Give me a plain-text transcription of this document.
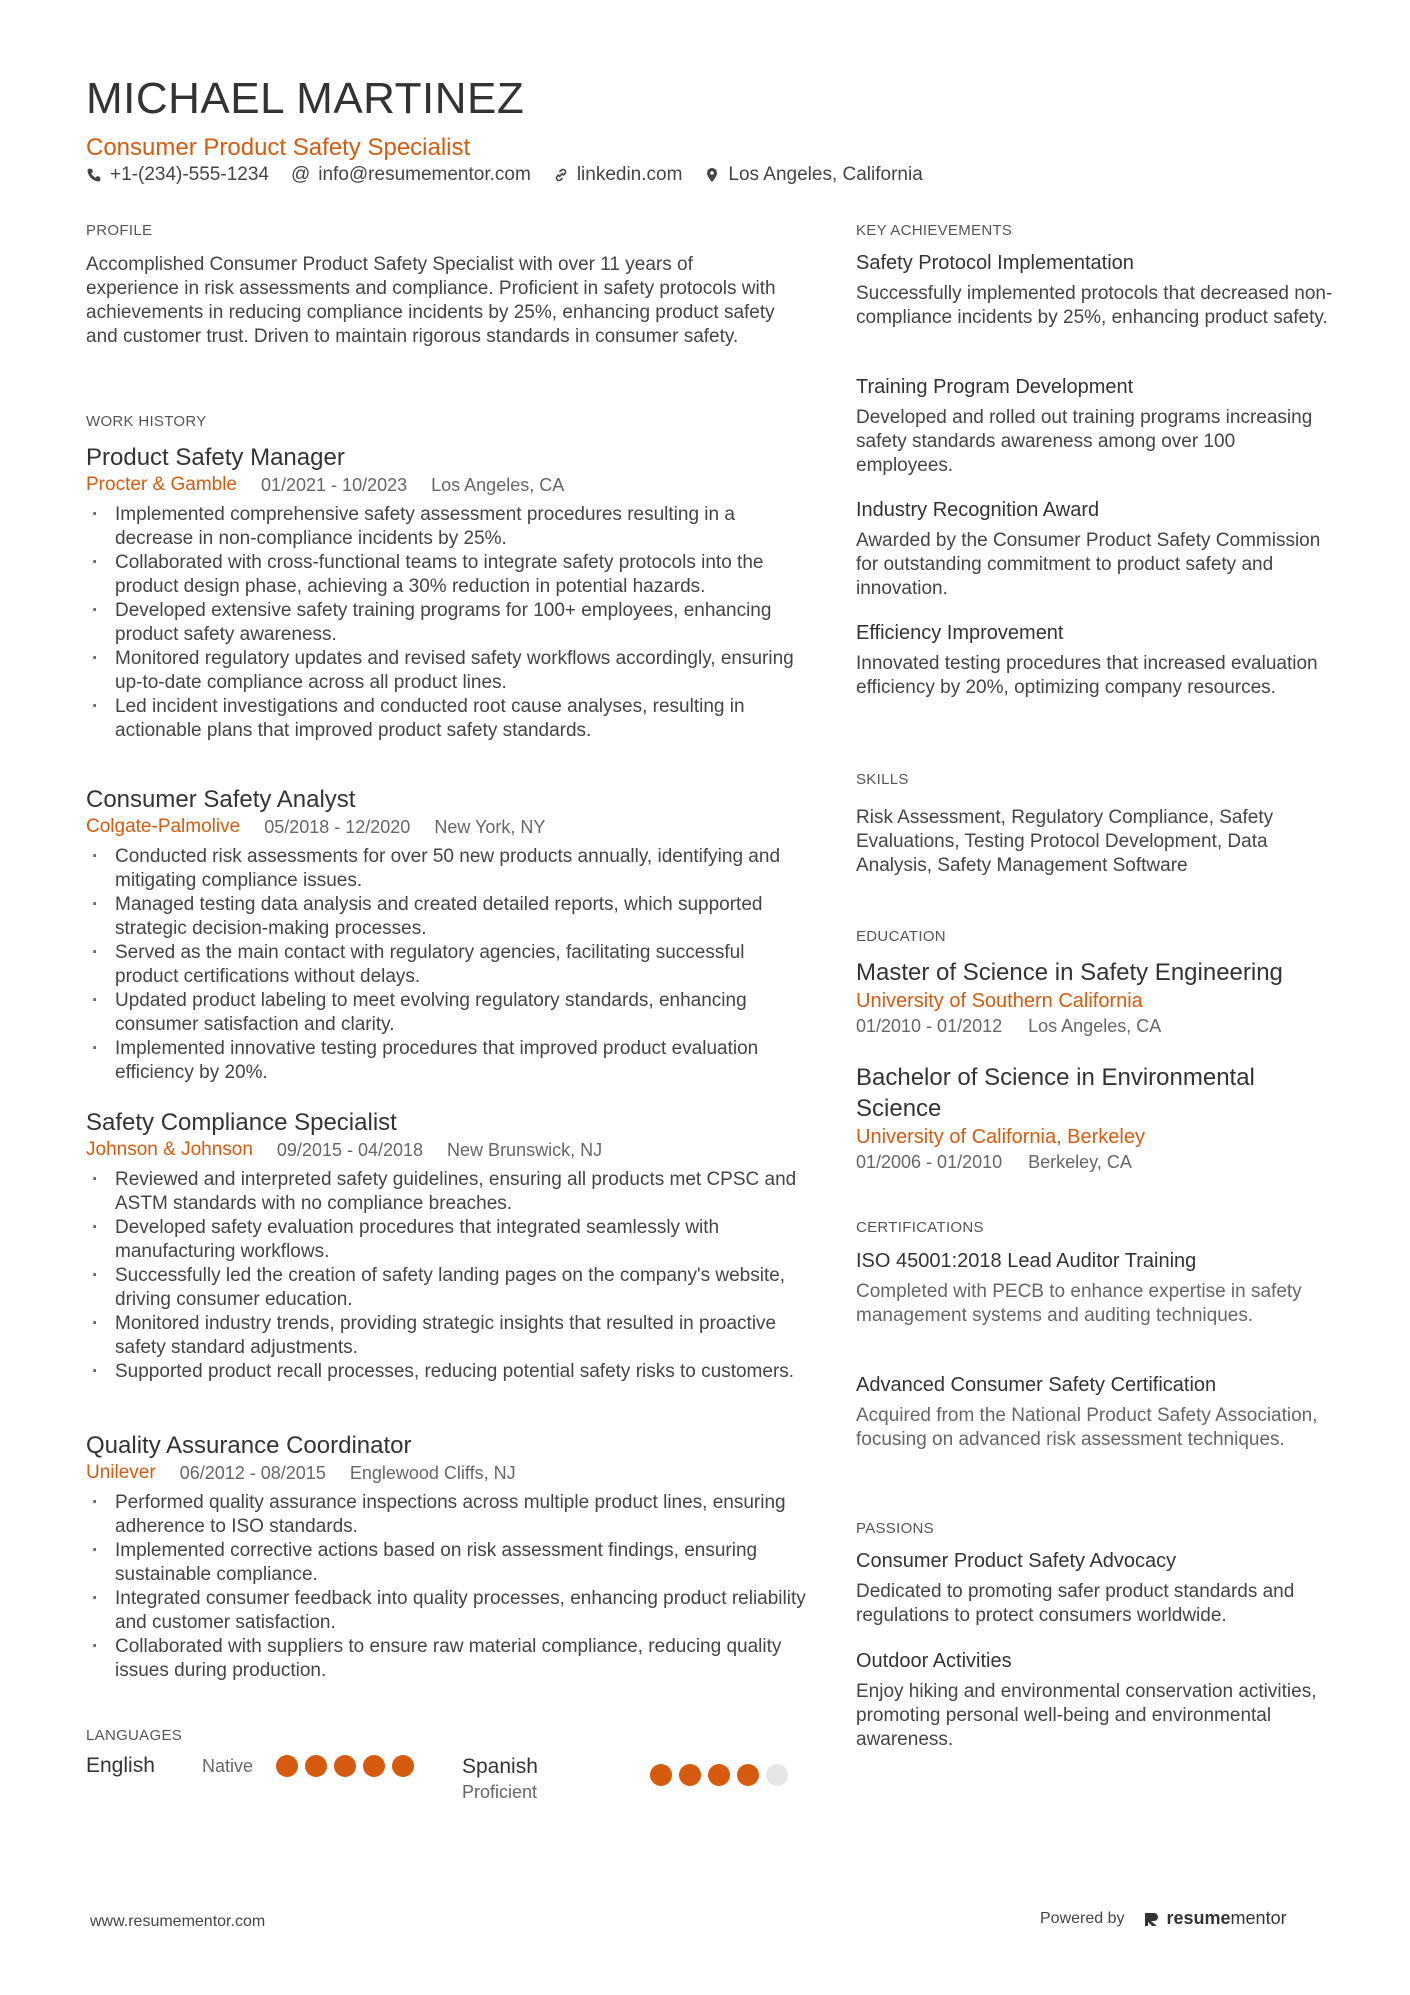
MICHAEL MARTINEZ
Consumer Product Safety Specialist
+1-(234)-555-1234 @ info@resumementor.com linkedin.com Los Angeles, California
PROFILE
Accomplished Consumer Product Safety Specialist with over 11 years of experience in risk assessments and compliance. Proficient in safety protocols with achievements in reducing compliance incidents by 25%, enhancing product safety and customer trust. Driven to maintain rigorous standards in consumer safety.
WORK HISTORY
Product Safety Manager
Procter & Gamble 01/2021 - 10/2023 Los Angeles, CA
· Implemented comprehensive safety assessment procedures resulting in a decrease in non-compliance incidents by 25%.
· Collaborated with cross-functional teams to integrate safety protocols into the product design phase, achieving a 30% reduction in potential hazards.
· Developed extensive safety training programs for 100+ employees, enhancing product safety awareness.
· Monitored regulatory updates and revised safety workflows accordingly, ensuring up-to-date compliance across all product lines.
· Led incident investigations and conducted root cause analyses, resulting in actionable plans that improved product safety standards.
Consumer Safety Analyst
Colgate-Palmolive 05/2018 - 12/2020 New York, NY
· Conducted risk assessments for over 50 new products annually, identifying and mitigating compliance issues.
· Managed testing data analysis and created detailed reports, which supported strategic decision-making processes.
· Served as the main contact with regulatory agencies, facilitating successful product certifications without delays.
· Updated product labeling to meet evolving regulatory standards, enhancing consumer satisfaction and clarity.
· Implemented innovative testing procedures that improved product evaluation efficiency by 20%.
Safety Compliance Specialist
Johnson & Johnson 09/2015 - 04/2018 New Brunswick, NJ
· Reviewed and interpreted safety guidelines, ensuring all products met CPSC and ASTM standards with no compliance breaches.
· Developed safety evaluation procedures that integrated seamlessly with manufacturing workflows.
· Successfully led the creation of safety landing pages on the company's website, driving consumer education.
· Monitored industry trends, providing strategic insights that resulted in proactive safety standard adjustments.
· Supported product recall processes, reducing potential safety risks to customers.
Quality Assurance Coordinator
Unilever 06/2012 - 08/2015 Englewood Cliffs, NJ
· Performed quality assurance inspections across multiple product lines, ensuring adherence to ISO standards.
· Implemented corrective actions based on risk assessment findings, ensuring sustainable compliance.
· Integrated consumer feedback into quality processes, enhancing product reliability and customer satisfaction.
· Collaborated with suppliers to ensure raw material compliance, reducing quality issues during production.
LANGUAGES
English	Native	Spanish
Proficient
KEY ACHIEVEMENTS
Safety Protocol Implementation
Successfully implemented protocols that decreased non-compliance incidents by 25%, enhancing product safety.
Training Program Development
Developed and rolled out training programs increasing safety standards awareness among over 100 employees.
Industry Recognition Award
Awarded by the Consumer Product Safety Commission for outstanding commitment to product safety and innovation.
Efficiency Improvement
Innovated testing procedures that increased evaluation efficiency by 20%, optimizing company resources.
SKILLS
Risk Assessment, Regulatory Compliance, Safety Evaluations, Testing Protocol Development, Data Analysis, Safety Management Software
EDUCATION
Master of Science in Safety Engineering
University of Southern California
01/2010 - 01/2012 Los Angeles, CA
Bachelor of Science in Environmental Science
University of California, Berkeley
01/2006 - 01/2010 Berkeley, CA
CERTIFICATIONS
ISO 45001:2018 Lead Auditor Training
Completed with PECB to enhance expertise in safety management systems and auditing techniques.
Advanced Consumer Safety Certification
Acquired from the National Product Safety Association, focusing on advanced risk assessment techniques.
PASSIONS
Consumer Product Safety Advocacy
Dedicated to promoting safer product standards and regulations to protect consumers worldwide.
Outdoor Activities
Enjoy hiking and environmental conservation activities, promoting personal well-being and environmental awareness.
www.resumementor.com	Powered by resumementor
